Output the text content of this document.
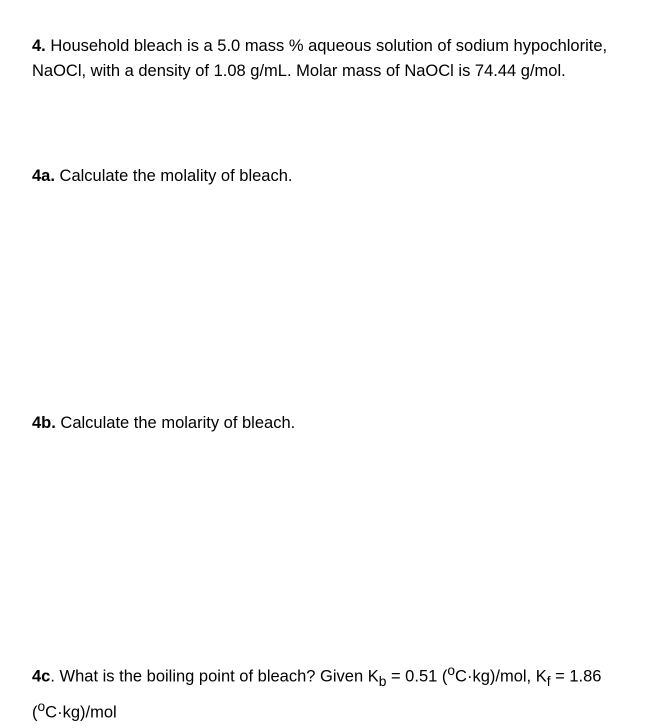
4. Household bleach is a 5.0 mass % aqueous solution of sodium hypochlorite,
NaOCl, with a density of 1.08 g/mL. Molar mass of NaOCl is 74.44 g/mol.
4a. Calculate the molality of bleach.
4b. Calculate the molarity of bleach.
4c. What is the boiling point of bleach? Given $K_b = 0.51$ ($^o$C·kg)/mol, $K_f = 1.86$
($^o$C·kg)/mol
